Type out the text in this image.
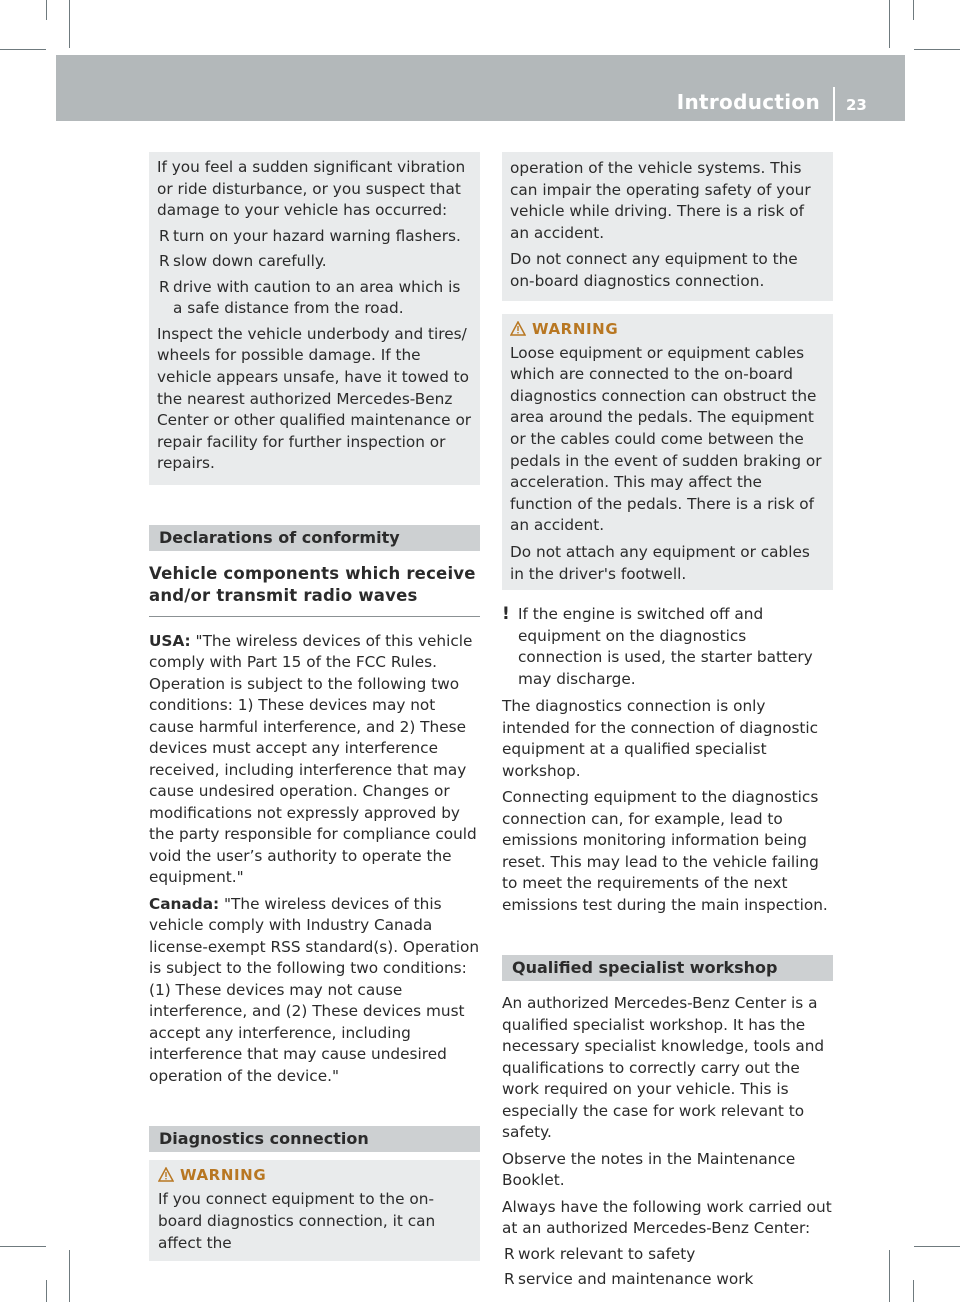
Introduction 23
If you feel a sudden significant vibration or ride disturbance, or you suspect that damage to your vehicle has occurred:
R turn on your hazard warning flashers.
R slow down carefully.
R drive with caution to an area which is a safe distance from the road.
Inspect the vehicle underbody and tires/ wheels for possible damage. If the vehicle appears unsafe, have it towed to the nearest authorized Mercedes-Benz Center or other qualified maintenance or repair facility for further inspection or repairs.
Declarations of conformity
Vehicle components which receive and/or transmit radio waves
USA: "The wireless devices of this vehicle comply with Part 15 of the FCC Rules. Operation is subject to the following two conditions: 1) These devices may not cause harmful interference, and 2) These devices must accept any interference received, including interference that may cause undesired operation. Changes or modifications not expressly approved by the party responsible for compliance could void the user’s authority to operate the equipment."
Canada: "The wireless devices of this vehicle comply with Industry Canada license-exempt RSS standard(s). Operation is subject to the following two conditions: (1) These devices may not cause interference, and (2) These devices must accept any interference, including interference that may cause undesired operation of the device."
Diagnostics connection
WARNING
If you connect equipment to the on-board diagnostics connection, it can affect the
operation of the vehicle systems. This can impair the operating safety of your vehicle while driving. There is a risk of an accident.
Do not connect any equipment to the on-board diagnostics connection.
WARNING
Loose equipment or equipment cables which are connected to the on-board diagnostics connection can obstruct the area around the pedals. The equipment or the cables could come between the pedals in the event of sudden braking or acceleration. This may affect the function of the pedals. There is a risk of an accident.
Do not attach any equipment or cables in the driver's footwell.
! If the engine is switched off and equipment on the diagnostics connection is used, the starter battery may discharge.
The diagnostics connection is only intended for the connection of diagnostic equipment at a qualified specialist workshop.
Connecting equipment to the diagnostics connection can, for example, lead to emissions monitoring information being reset. This may lead to the vehicle failing to meet the requirements of the next emissions test during the main inspection.
Qualified specialist workshop
An authorized Mercedes-Benz Center is a qualified specialist workshop. It has the necessary specialist knowledge, tools and qualifications to correctly carry out the work required on your vehicle. This is especially the case for work relevant to safety.
Observe the notes in the Maintenance Booklet.
Always have the following work carried out at an authorized Mercedes-Benz Center:
R work relevant to safety
R service and maintenance work
